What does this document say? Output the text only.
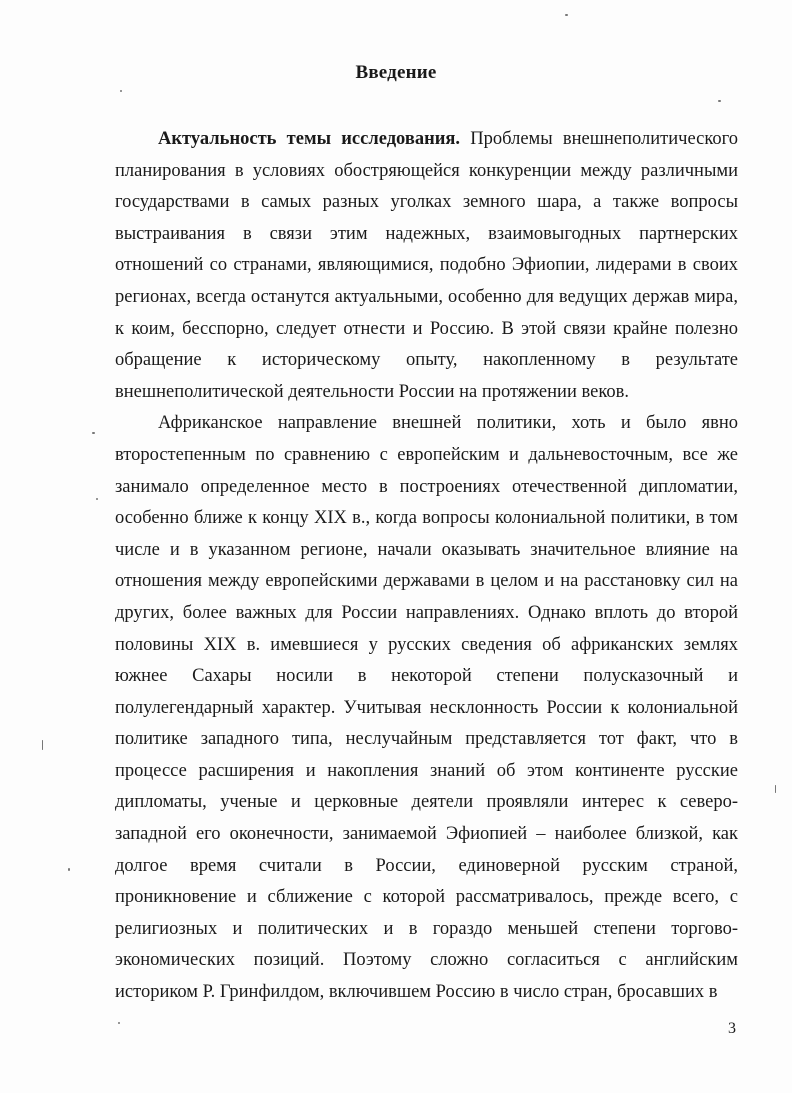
Введение

Актуальность темы исследования. Проблемы внешнеполитического планирования в условиях обостряющейся конкуренции между различными государствами в самых разных уголках земного шара, а также вопросы выстраивания в связи этим надежных, взаимовыгодных партнерских отношений со странами, являющимися, подобно Эфиопии, лидерами в своих регионах, всегда останутся актуальными, особенно для ведущих держав мира, к коим, бесспорно, следует отнести и Россию. В этой связи крайне полезно обращение к историческому опыту, накопленному в результате внешнеполитической деятельности России на протяжении веков.

Африканское направление внешней политики, хоть и было явно второстепенным по сравнению с европейским и дальневосточным, все же занимало определенное место в построениях отечественной дипломатии, особенно ближе к концу XIX в., когда вопросы колониальной политики, в том числе и в указанном регионе, начали оказывать значительное влияние на отношения между европейскими державами в целом и на расстановку сил на других, более важных для России направлениях. Однако вплоть до второй половины XIX в. имевшиеся у русских сведения об африканских землях южнее Сахары носили в некоторой степени полусказочный и полулегендарный характер. Учитывая несклонность России к колониальной политике западного типа, неслучайным представляется тот факт, что в процессе расширения и накопления знаний об этом континенте русские дипломаты, ученые и церковные деятели проявляли интерес к северо-западной его оконечности, занимаемой Эфиопией – наиболее близкой, как долгое время считали в России, единоверной русским страной, проникновение и сближение с которой рассматривалось, прежде всего, с религиозных и политических и в гораздо меньшей степени торгово-экономических позиций. Поэтому сложно согласиться с английским историком Р. Гринфилдом, включившем Россию в число стран, бросавших в

3
